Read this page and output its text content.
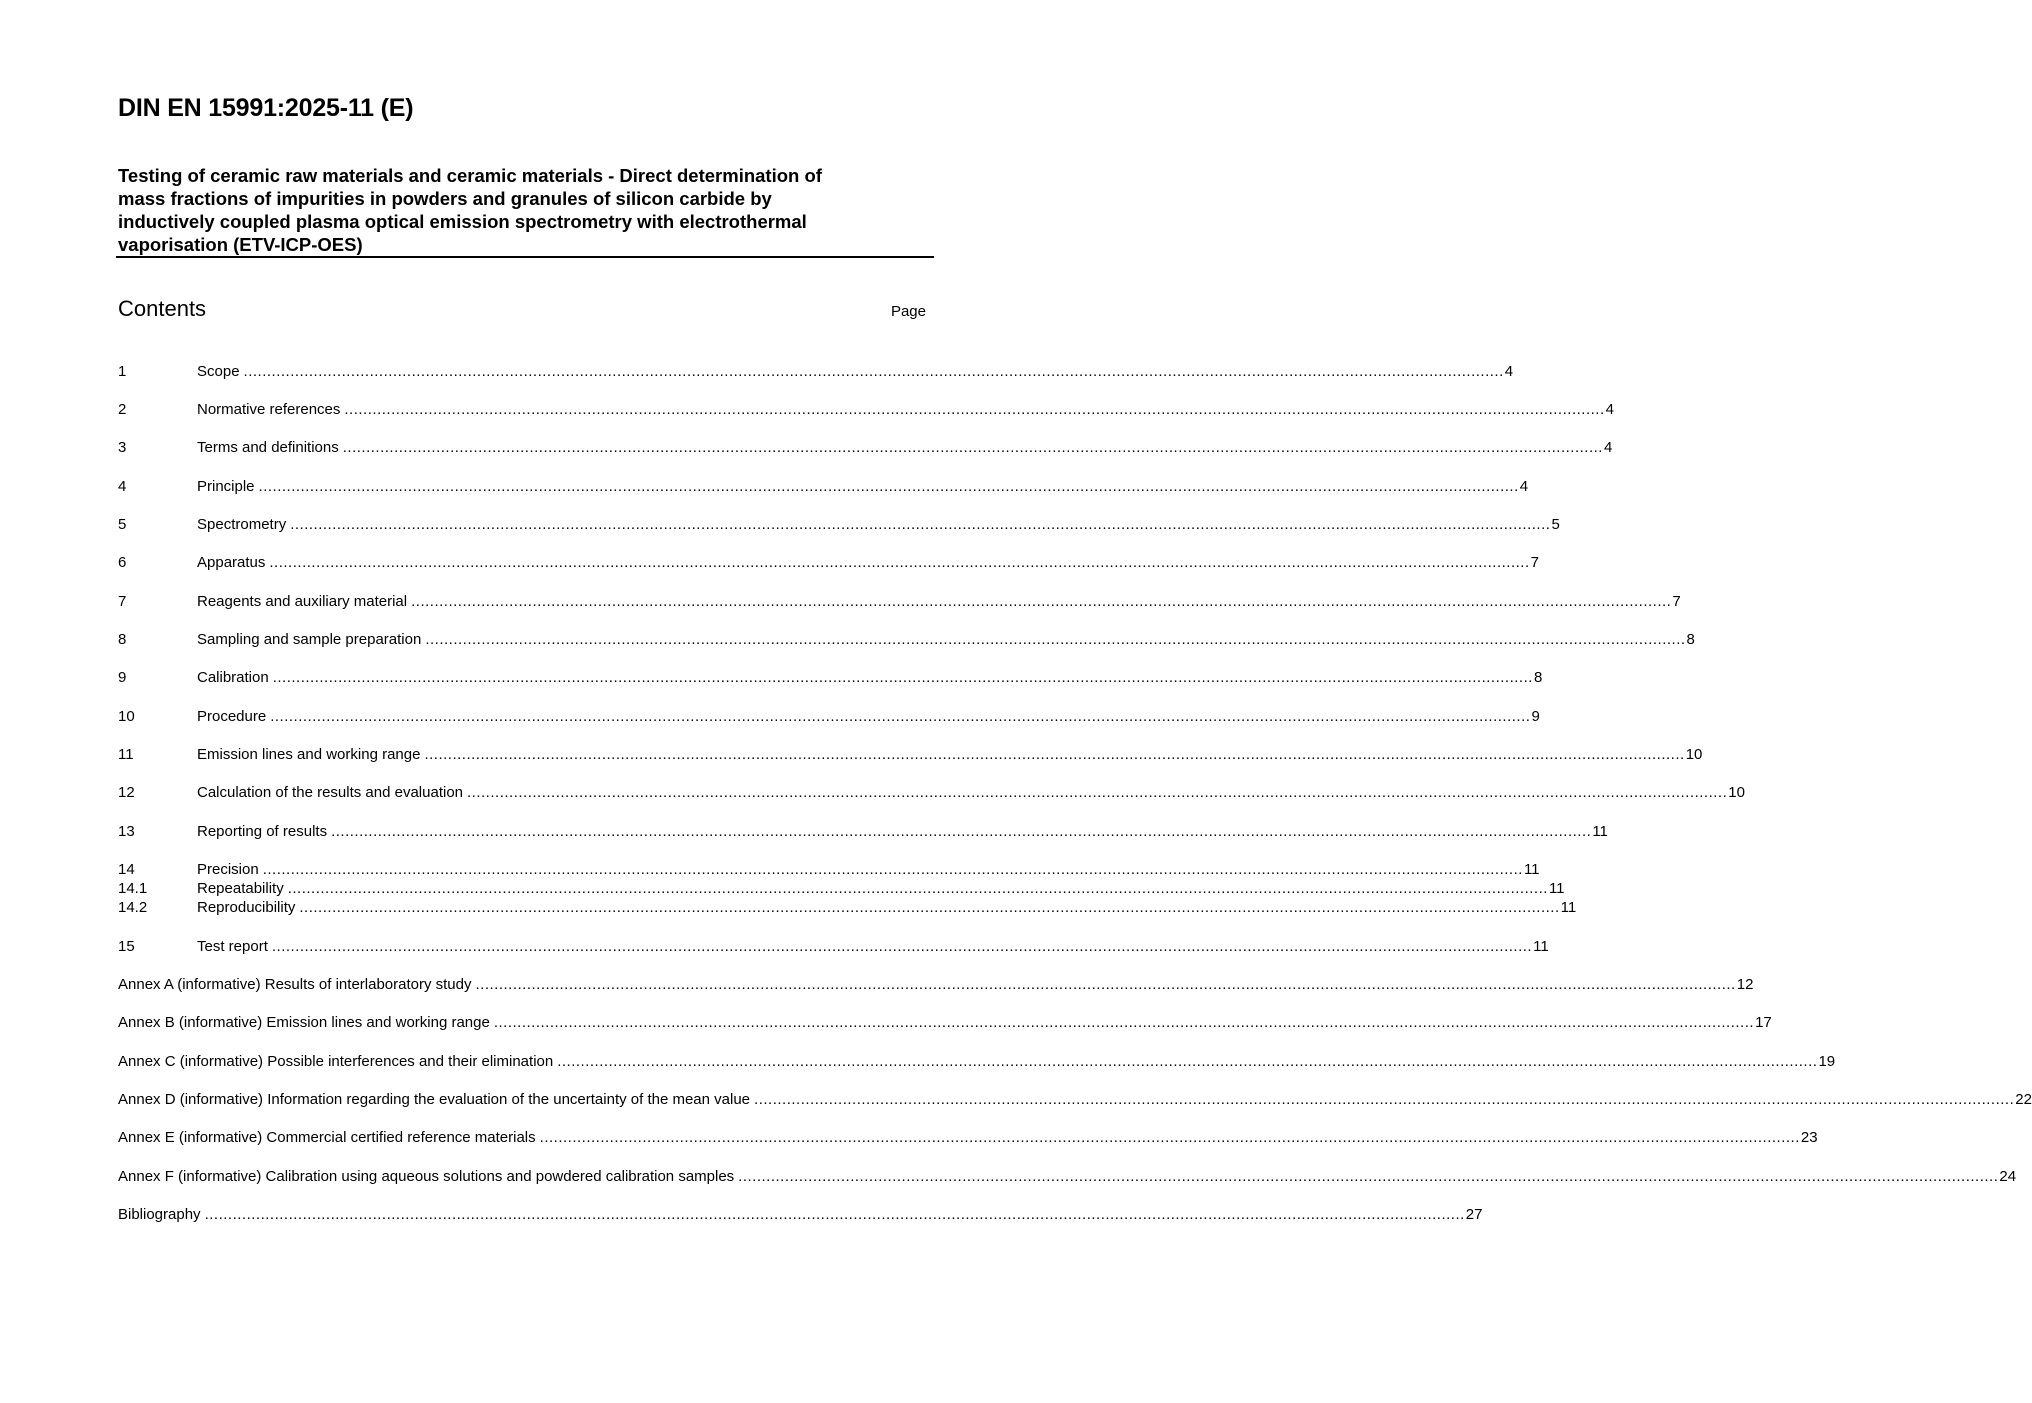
DIN EN 15991:2025-11 (E)
Testing of ceramic raw materials and ceramic materials - Direct determination of
mass fractions of impurities in powders and granules of silicon carbide by
inductively coupled plasma optical emission spectrometry with electrothermal
vaporisation (ETV-ICP-OES)
Contents	Page
1	Scope .............................................................................................................................................................................................................................................................................. 4
2	Normative references .............................................................................................................................................................................................................................................................................. 4
3	Terms and definitions .............................................................................................................................................................................................................................................................................. 4
4	Principle .............................................................................................................................................................................................................................................................................. 4
5	Spectrometry .............................................................................................................................................................................................................................................................................. 5
6	Apparatus .............................................................................................................................................................................................................................................................................. 7
7	Reagents and auxiliary material .............................................................................................................................................................................................................................................................................. 7
8	Sampling and sample preparation .............................................................................................................................................................................................................................................................................. 8
9	Calibration .............................................................................................................................................................................................................................................................................. 8
10	Procedure .............................................................................................................................................................................................................................................................................. 9
11	Emission lines and working range .............................................................................................................................................................................................................................................................................. 10
12	Calculation of the results and evaluation .............................................................................................................................................................................................................................................................................. 10
13	Reporting of results .............................................................................................................................................................................................................................................................................. 11
14	Precision .............................................................................................................................................................................................................................................................................. 11
14.1	Repeatability .............................................................................................................................................................................................................................................................................. 11
14.2	Reproducibility .............................................................................................................................................................................................................................................................................. 11
15	Test report .............................................................................................................................................................................................................................................................................. 11
Annex A (informative) Results of interlaboratory study .............................................................................................................................................................................................................................................................................. 12
Annex B (informative) Emission lines and working range .............................................................................................................................................................................................................................................................................. 17
Annex C (informative) Possible interferences and their elimination .............................................................................................................................................................................................................................................................................. 19
Annex D (informative) Information regarding the evaluation of the uncertainty of the mean value .............................................................................................................................................................................................................................................................................. 22
Annex E (informative) Commercial certified reference materials .............................................................................................................................................................................................................................................................................. 23
Annex F (informative) Calibration using aqueous solutions and powdered calibration samples .............................................................................................................................................................................................................................................................................. 24
Bibliography .............................................................................................................................................................................................................................................................................. 27
